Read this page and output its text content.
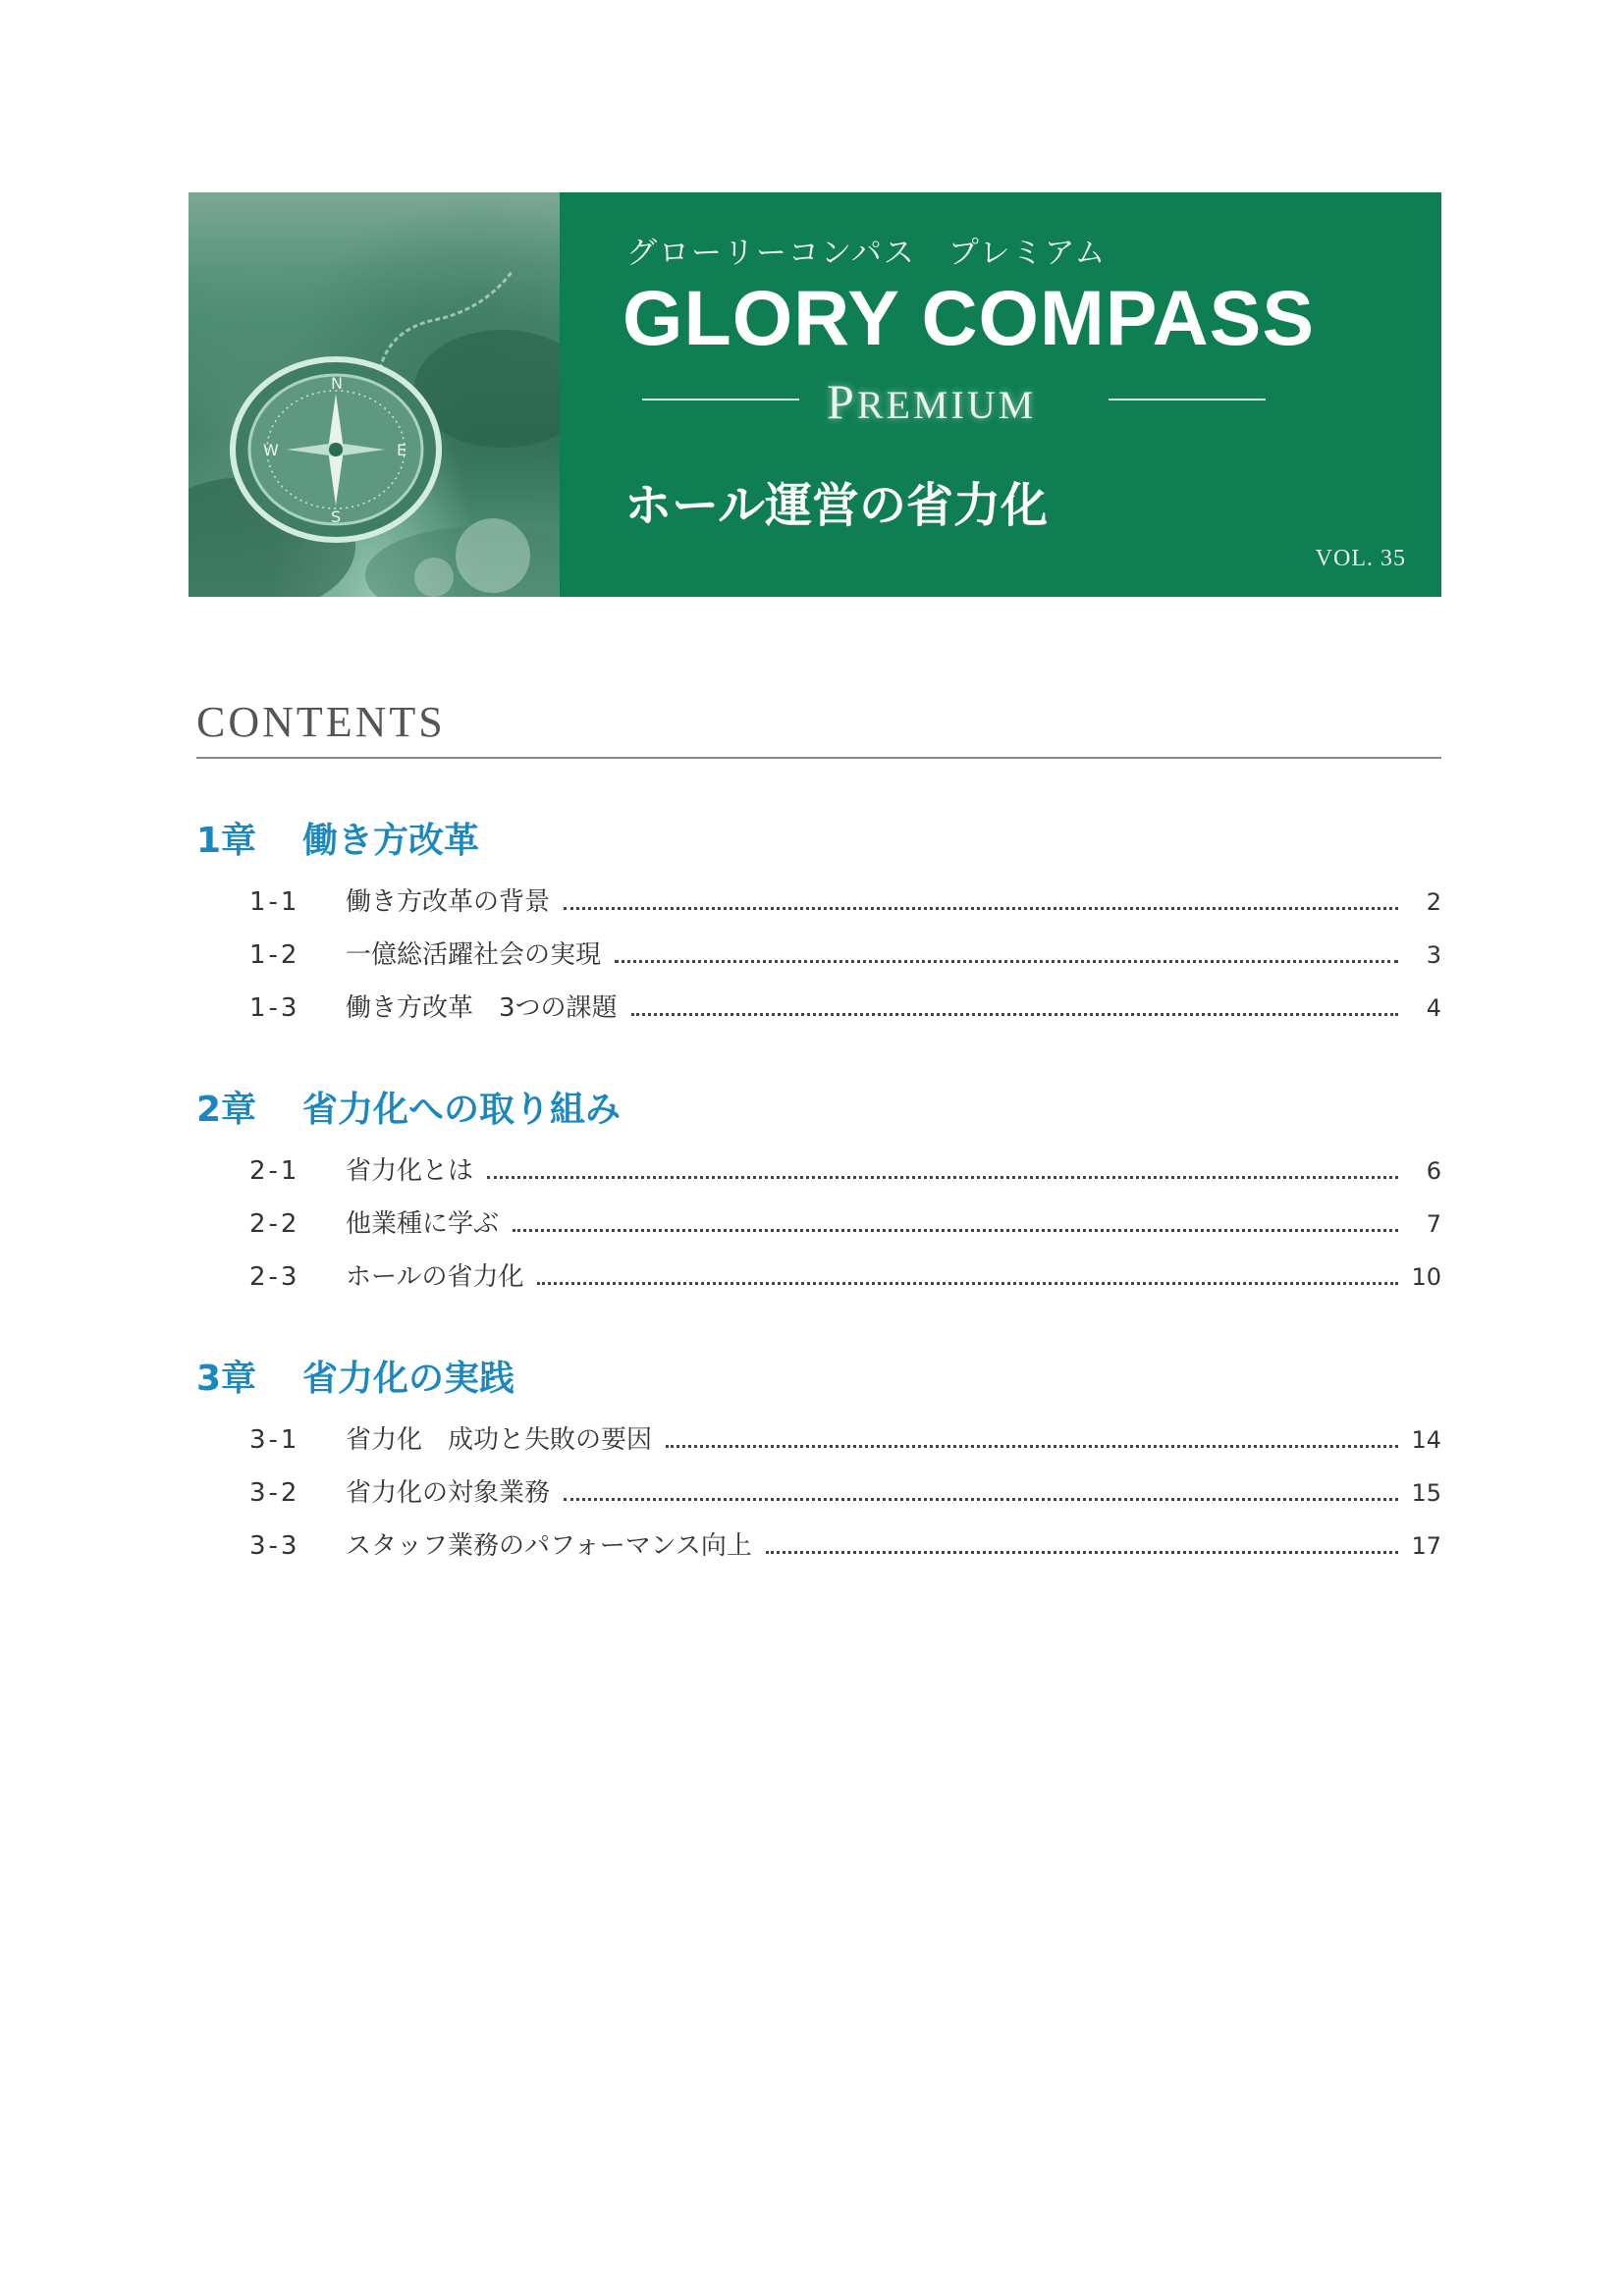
N
E
S
W
グローリーコンパス　プレミアム
GLORY COMPASS
PREMIUM
ホール運営の省力化
VOL. 35
CONTENTS
1章 働き方改革
1-1	働き方改革の背景	2
1-2	一億総活躍社会の実現	3
1-3	働き方改革　3つの課題	4
2章 省力化への取り組み
2-1	省力化とは	6
2-2	他業種に学ぶ	7
2-3	ホールの省力化	10
3章 省力化の実践
3-1	省力化　成功と失敗の要因	14
3-2	省力化の対象業務	15
3-3	スタッフ業務のパフォーマンス向上	17
